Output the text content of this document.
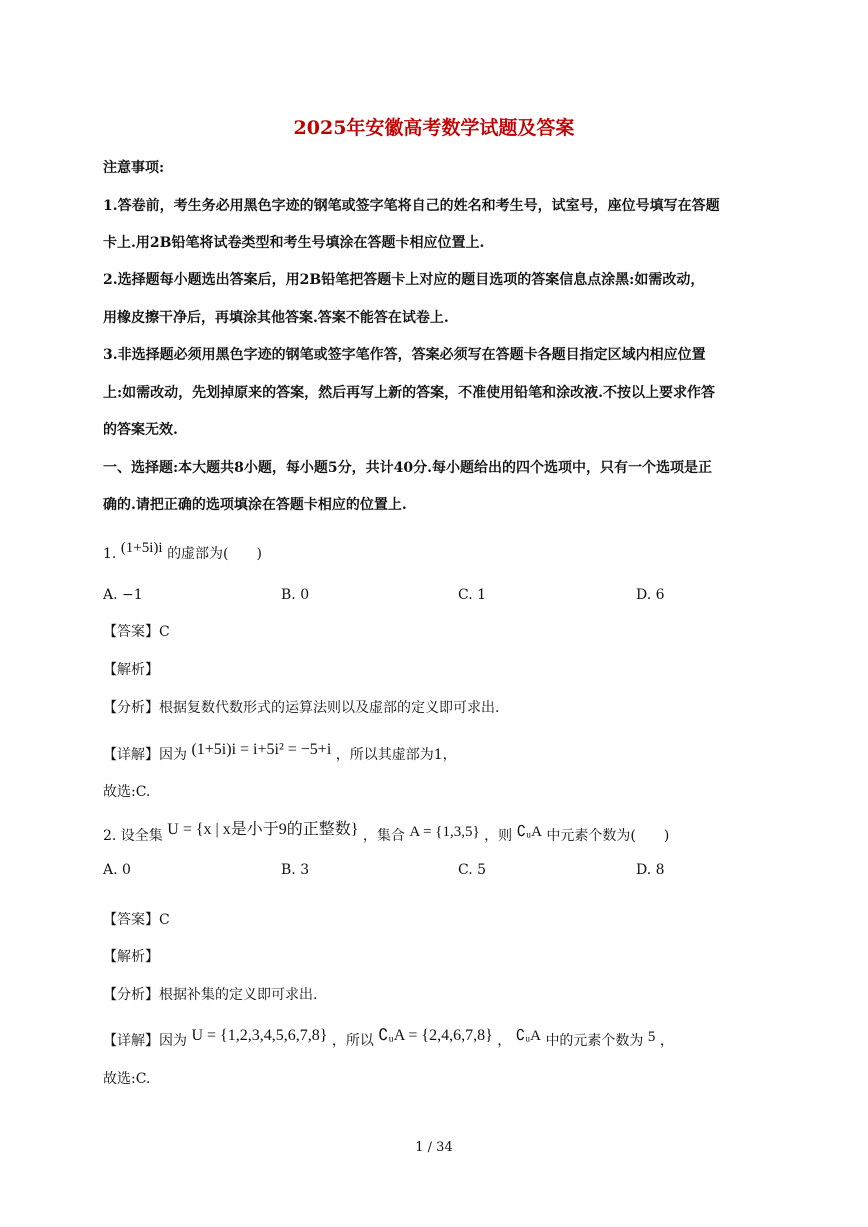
2025年安徽高考数学试题及答案
注意事项:
1.答卷前，考生务必用黑色字迹的钢笔或签字笔将自己的姓名和考生号，试室号，座位号填写在答题
卡上.用2B铅笔将试卷类型和考生号填涂在答题卡相应位置上.
2.选择题每小题选出答案后，用2B铅笔把答题卡上对应的题目选项的答案信息点涂黑:如需改动，
用橡皮擦干净后，再填涂其他答案.答案不能答在试卷上.
3.非选择题必须用黑色字迹的钢笔或签字笔作答，答案必须写在答题卡各题目指定区域内相应位置
上:如需改动，先划掉原来的答案，然后再写上新的答案，不准使用铅笔和涂改液.不按以上要求作答
的答案无效.
一、选择题:本大题共8小题，每小题5分，共计40分.每小题给出的四个选项中，只有一个选项是正
确的.请把正确的选项填涂在答题卡相应的位置上.
1. (1+5i)i 的虚部为(　　)
A. −1	B. 0	C. 1	D. 6
【答案】C
【解析】
【分析】根据复数代数形式的运算法则以及虚部的定义即可求出.
【详解】因为 (1+5i)i = i+5i² = −5+i ，所以其虚部为1，
故选:C.
2. 设全集 U = {x | x是小于9的正整数} ，集合 A = {1,3,5} ，则 ∁ᵤA 中元素个数为(　　)
A. 0	B. 3	C. 5	D. 8
【答案】C
【解析】
【分析】根据补集的定义即可求出.
【详解】因为 U = {1,2,3,4,5,6,7,8} ，所以 ∁ᵤA = {2,4,6,7,8} ， ∁ᵤA 中的元素个数为 5 ，
故选:C.
1 / 34
